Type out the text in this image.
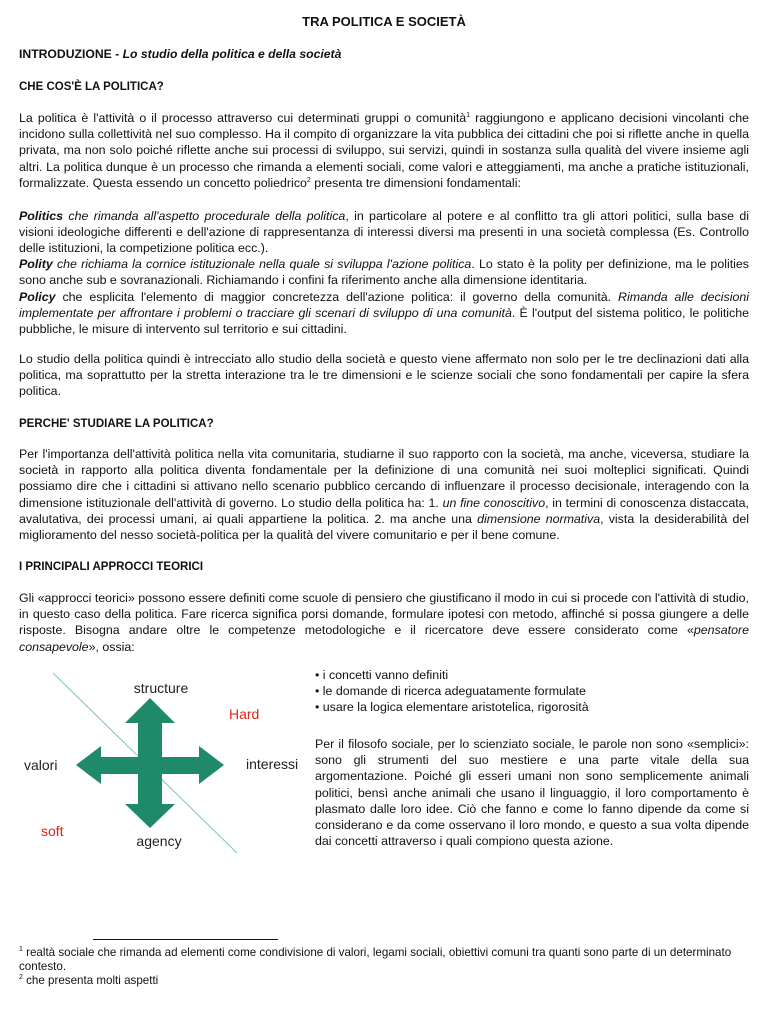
TRA POLITICA E SOCIETÀ
INTRODUZIONE - Lo studio della politica e della società
CHE COS'È LA POLITICA?
La politica è l'attività o il processo attraverso cui determinati gruppi o comunità$^1$ raggiungono e applicano decisioni vincolanti che incidono sulla collettività nel suo complesso. Ha il compito di organizzare la vita pubblica dei cittadini che poi si riflette anche in quella privata, ma non solo poiché riflette anche sui processi di sviluppo, sui servizi, quindi in sostanza sulla qualità del vivere insieme agli altri. La politica dunque è un processo che rimanda a elementi sociali, come valori e atteggiamenti, ma anche a pratiche istituzionali, formalizzate. Questa essendo un concetto poliedrico$^2$ presenta tre dimensioni fondamentali:
Politics che rimanda all'aspetto procedurale della politica, in particolare al potere e al conflitto tra gli attori politici, sulla base di visioni ideologiche differenti e dell'azione di rappresentanza di interessi diversi ma presenti in una società complessa (Es. Controllo delle istituzioni, la competizione politica ecc.).
Polity che richiama la cornice istituzionale nella quale si sviluppa l'azione politica. Lo stato è la polity per definizione, ma le polities sono anche sub e sovranazionali. Richiamando i confini fa riferimento anche alla dimensione identitaria.
Policy che esplicita l'elemento di maggior concretezza dell'azione politica: il governo della comunità. Rimanda alle decisioni implementate per affrontare i problemi o tracciare gli scenari di sviluppo di una comunità. È l'output del sistema politico, le politiche pubbliche, le misure di intervento sul territorio e sui cittadini.
Lo studio della politica quindi è intrecciato allo studio della società e questo viene affermato non solo per le tre declinazioni dati alla politica, ma soprattutto per la stretta interazione tra le tre dimensioni e le scienze sociali che sono fondamentali per capire la sfera politica.
PERCHE' STUDIARE LA POLITICA?
Per l'importanza dell'attività politica nella vita comunitaria, studiarne il suo rapporto con la società, ma anche, viceversa, studiare la società in rapporto alla politica diventa fondamentale per la definizione di una comunità nei suoi molteplici significati. Quindi possiamo dire che i cittadini si attivano nello scenario pubblico cercando di influenzare il processo decisionale, interagendo con la dimensione istituzionale dell'attività di governo. Lo studio della politica ha: 1. un fine conoscitivo, in termini di conoscenza distaccata, avalutativa, dei processi umani, ai quali appartiene la politica. 2. ma anche una dimensione normativa, vista la desiderabilità del miglioramento del nesso società-politica per la qualità del vivere comunitario e per il bene comune.
I PRINCIPALI APPROCCI TEORICI
Gli «approcci teorici» possono essere definiti come scuole di pensiero che giustificano il modo in cui si procede con l'attività di studio, in questo caso della politica. Fare ricerca significa porsi domande, formulare ipotesi con metodo, affinché si possa giungere a delle risposte. Bisogna andare oltre le competenze metodologiche e il ricercatore deve essere considerato come «pensatore consapevole», ossia:
structure
agency
valori	interessi
Hard
soft
• i concetti vanno definiti
• le domande di ricerca adeguatamente formulate
• usare la logica elementare aristotelica, rigorosità
Per il filosofo sociale, per lo scienziato sociale, le parole non sono «semplici»: sono gli strumenti del suo mestiere e una parte vitale della sua argomentazione. Poiché gli esseri umani non sono semplicemente animali politici, bensì anche animali che usano il linguaggio, il loro comportamento è plasmato dalle loro idee. Ciò che fanno e come lo fanno dipende da come si considerano e da come osservano il loro mondo, e questo a sua volta dipende dai concetti attraverso i quali compiono questa azione.
$^1$ realtà sociale che rimanda ad elementi come condivisione di valori, legami sociali, obiettivi comuni tra quanti sono parte di un determinato contesto.
$^2$ che presenta molti aspetti
